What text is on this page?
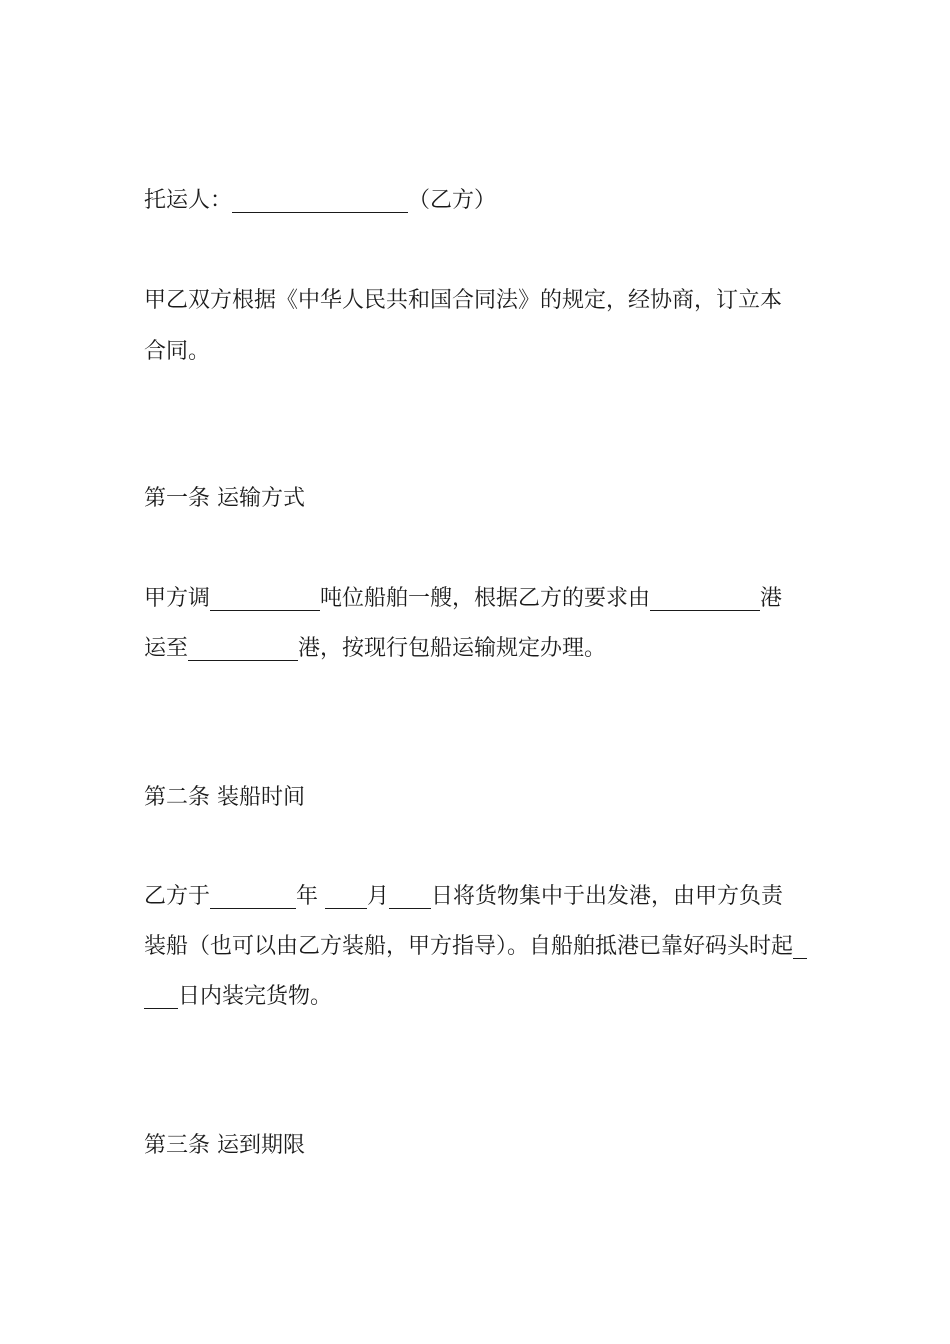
托运人：	（乙方）
甲乙双方根据《中华人民共和国合同法》的规定，经协商，订立本
合同。
第一条 运输方式
甲方调	吨位船舶一艘，根据乙方的要求由	港
运至	港，按现行包船运输规定办理。
第二条 装船时间
乙方于	年 月 日将货物集中于出发港，由甲方负责
装船（也可以由乙方装船，甲方指导）。自船舶抵港已靠好码头时起
日内装完货物。
第三条 运到期限
